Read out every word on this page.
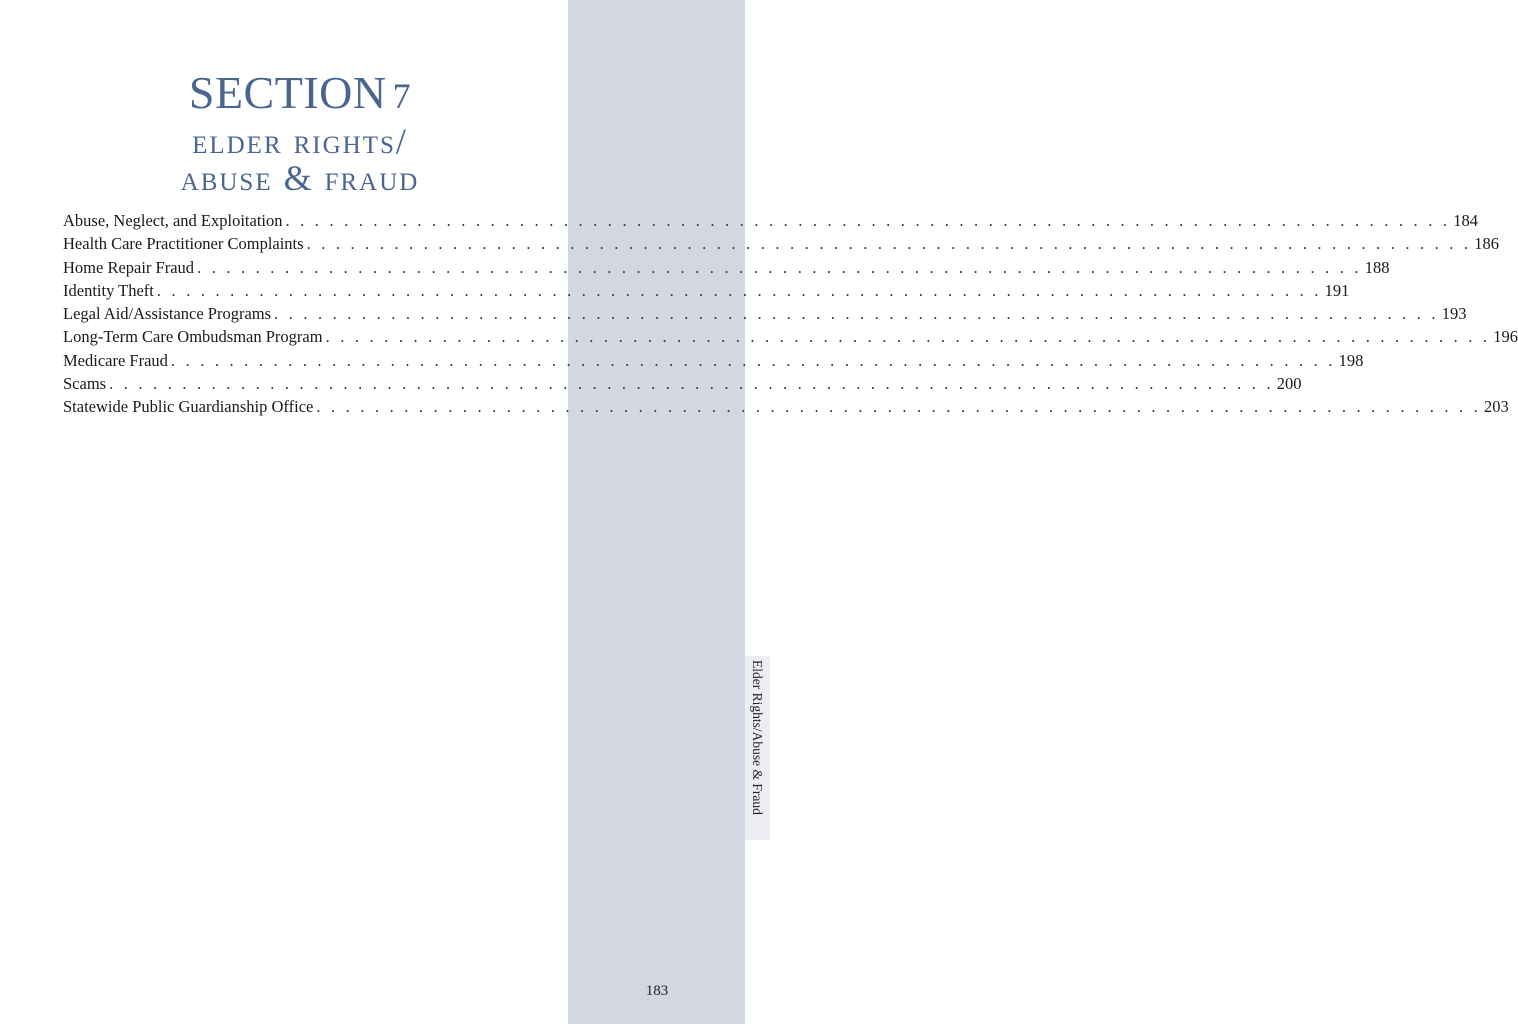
Elder Rights/Abuse & Fraud
SECTION 7
elder rights/
abuse & fraud
Abuse, Neglect, and Exploitation . . . . . . . . . . . . . . . . . . . . . . . . . . . . . . . . . . . . . . . . . . . . . . . . . . . . . . . . . . . . . . . . . . . . . . . . . . . . . . . . 184
Health Care Practitioner Complaints . . . . . . . . . . . . . . . . . . . . . . . . . . . . . . . . . . . . . . . . . . . . . . . . . . . . . . . . . . . . . . . . . . . . . . . . . . . . . . . . 186
Home Repair Fraud . . . . . . . . . . . . . . . . . . . . . . . . . . . . . . . . . . . . . . . . . . . . . . . . . . . . . . . . . . . . . . . . . . . . . . . . . . . . . . . . 188
Identity Theft . . . . . . . . . . . . . . . . . . . . . . . . . . . . . . . . . . . . . . . . . . . . . . . . . . . . . . . . . . . . . . . . . . . . . . . . . . . . . . . . 191
Legal Aid/Assistance Programs . . . . . . . . . . . . . . . . . . . . . . . . . . . . . . . . . . . . . . . . . . . . . . . . . . . . . . . . . . . . . . . . . . . . . . . . . . . . . . . . 193
Long-Term Care Ombudsman Program . . . . . . . . . . . . . . . . . . . . . . . . . . . . . . . . . . . . . . . . . . . . . . . . . . . . . . . . . . . . . . . . . . . . . . . . . . . . . . . . 196
Medicare Fraud . . . . . . . . . . . . . . . . . . . . . . . . . . . . . . . . . . . . . . . . . . . . . . . . . . . . . . . . . . . . . . . . . . . . . . . . . . . . . . . . 198
Scams . . . . . . . . . . . . . . . . . . . . . . . . . . . . . . . . . . . . . . . . . . . . . . . . . . . . . . . . . . . . . . . . . . . . . . . . . . . . . . . . 200
Statewide Public Guardianship Office . . . . . . . . . . . . . . . . . . . . . . . . . . . . . . . . . . . . . . . . . . . . . . . . . . . . . . . . . . . . . . . . . . . . . . . . . . . . . . . . 203
183
